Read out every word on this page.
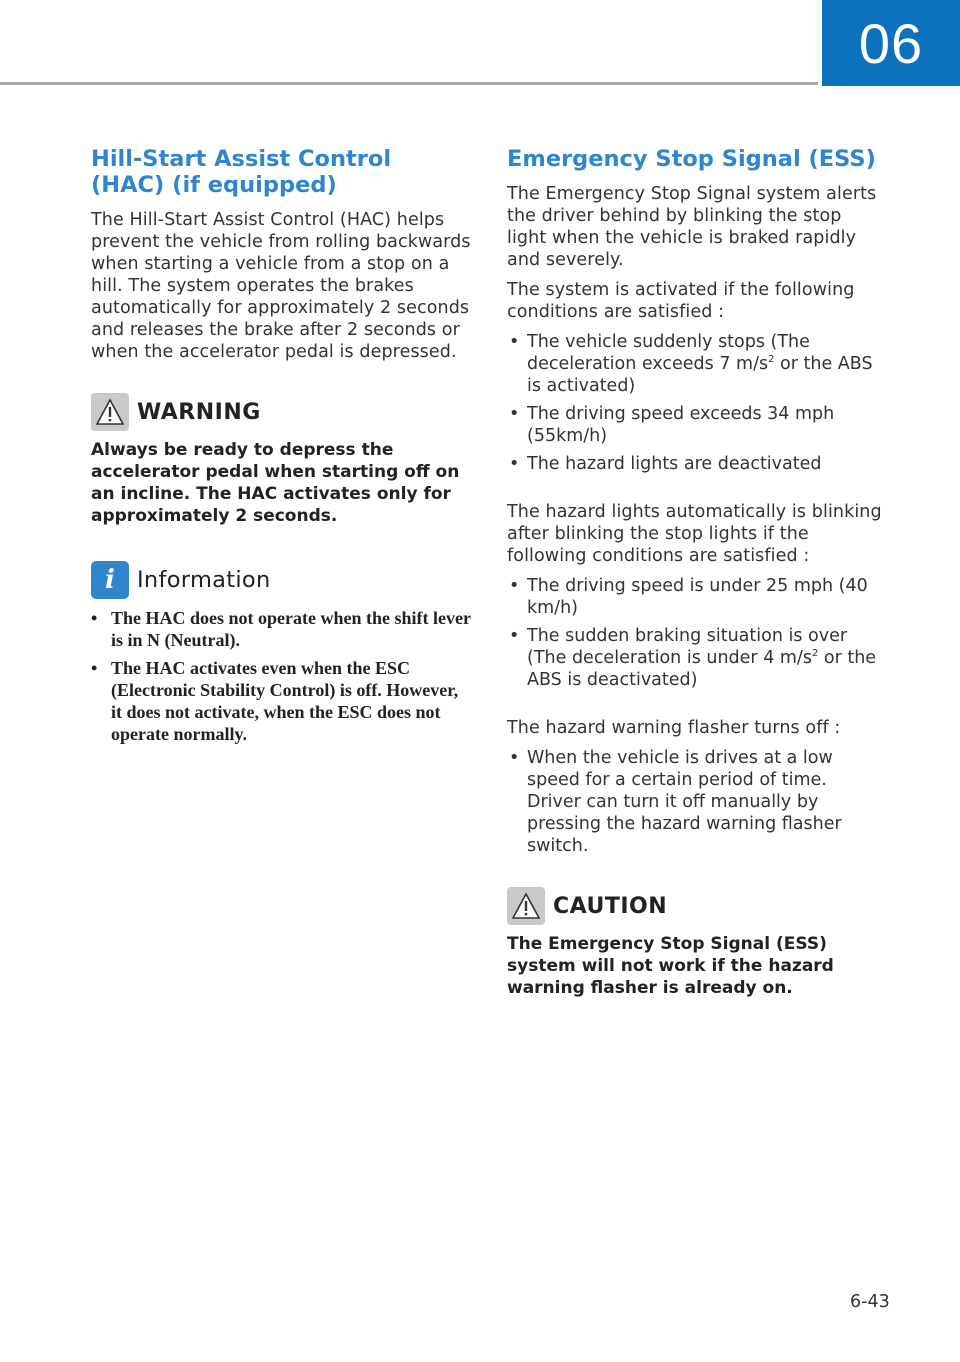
06
Hill-Start Assist Control (HAC) (if equipped)

The Hill-Start Assist Control (HAC) helps prevent the vehicle from rolling backwards when starting a vehicle from a stop on a hill. The system operates the brakes automatically for approximately 2 seconds and releases the brake after 2 seconds or when the accelerator pedal is depressed.

WARNING

Always be ready to depress the accelerator pedal when starting off on an incline. The HAC activates only for approximately 2 seconds.

i Information
• The HAC does not operate when the shift lever is in N (Neutral).
• The HAC activates even when the ESC (Electronic Stability Control) is off. However, it does not activate, when the ESC does not operate normally.
Emergency Stop Signal (ESS)

The Emergency Stop Signal system alerts the driver behind by blinking the stop light when the vehicle is braked rapidly and severely.

The system is activated if the following conditions are satisfied :

• The vehicle suddenly stops (The deceleration exceeds 7 $m/s^2$ or the ABS is activated)
• The driving speed exceeds 34 mph (55km/h)
• The hazard lights are deactivated

The hazard lights automatically is blinking after blinking the stop lights if the following conditions are satisfied :

• The driving speed is under 25 mph (40 km/h)
• The sudden braking situation is over (The deceleration is under 4 $m/s^2$ or the ABS is deactivated)

The hazard warning flasher turns off :

• When the vehicle is drives at a low speed for a certain period of time. Driver can turn it off manually by pressing the hazard warning flasher switch.
CAUTION

The Emergency Stop Signal (ESS) system will not work if the hazard warning flasher is already on.

6-43
